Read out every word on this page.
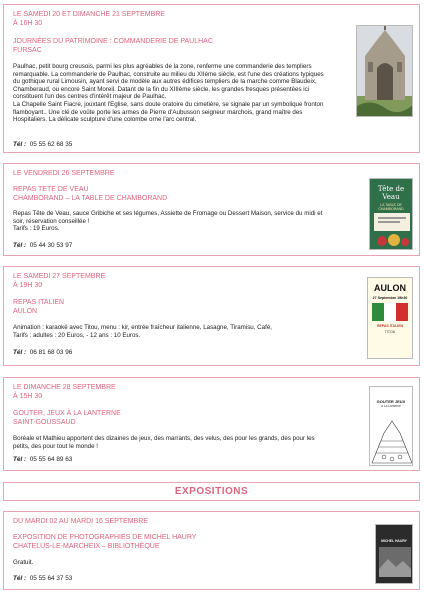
LE SAMEDI 20 ET DIMANCHE 21 SEPTEMBRE
À 16H 30
JOURNÉES DU PATRIMOINE : COMMANDERIE DE PAULHAC
FURSAC

Paulhac, petit bourg creusois, parmi les plus agréables de la zone, renferme une commanderie des templiers remarquable. La commanderie de Paulhac, construite au milieu du XIIème siècle, est l'une des créations typiques du gothique rural Limousin, ayant servi de modèle aux autres édifices templiers de la marche comme Blaudeix, Chamberaud, ou encore Saint Moreil. Datant de la fin du XIIIème siècle, les grandes fresques présentées ici constituent l'un des centres d'intérêt majeur de Paulhac.

La Chapelle Saint Fiacre, jouxtant l'Eglise, sans doute oratoire du cimetière, se signale par un symbolique fronton flamboyant.. Une clé de voûte porte les armes de Pierre d'Aubusson seigneur marchois, grand maître des Hospitaliers. La délicate sculpture d'une colombe orne l'arc central.

Tél : 05 55 62 68 35
LE VENDREDI 26 SEPTEMBRE
REPAS TETE DE VEAU
CHAMBORAND – LA TABLE DE CHAMBORAND

Repas Tête de Veau, sauce Gribiche et ses légumes, Assiette de Fromage ou Dessert Maison, service du midi et soir, réservation conseillée !

Tarifs : 19 Euros.

Tél : 05 44 30 53 97
Tête de Veau
LA TABLE DE CHAMBORAND
LE SAMEDI 27 SEPTEMBRE
À 19H 30
REPAS ITALIEN
AULON

Animation : karaoké avec Titou, menu : kir, entrée fraîcheur italienne, Lasagne, Tiramisu, Café,

Tarifs : adultes : 20 Euros, - 12 ans : 10 Euros.

Tél : 06 81 68 03 96
AULON
27 Septembre 19h30
REPAS ITALIEN
TITOU
LE DIMANCHE 28 SEPTEMBRE
À 15H 30
GOUTER, JEUX À LA LANTERNE
SAINT-GOUSSAUD

Boréale et Mathieu apportent des dizaines de jeux, des marrants, des velus, des pour les grands, des pour les petits, des pour tout le monde !

Tél : 05 55 64 89 63
GOUTER JEUX
à La Lanterne
EXPOSITIONS
DU MARDI 02 AU MARDI 16 SEPTEMBRE
EXPOSITION DE PHOTOGRAPHIES DE MICHEL HAURY
CHATELUS-LE-MARCHEIX – BIBLIOTHÈQUE

Gratuit.

Tél : 05 55 64 37 53
MICHEL HAURY
